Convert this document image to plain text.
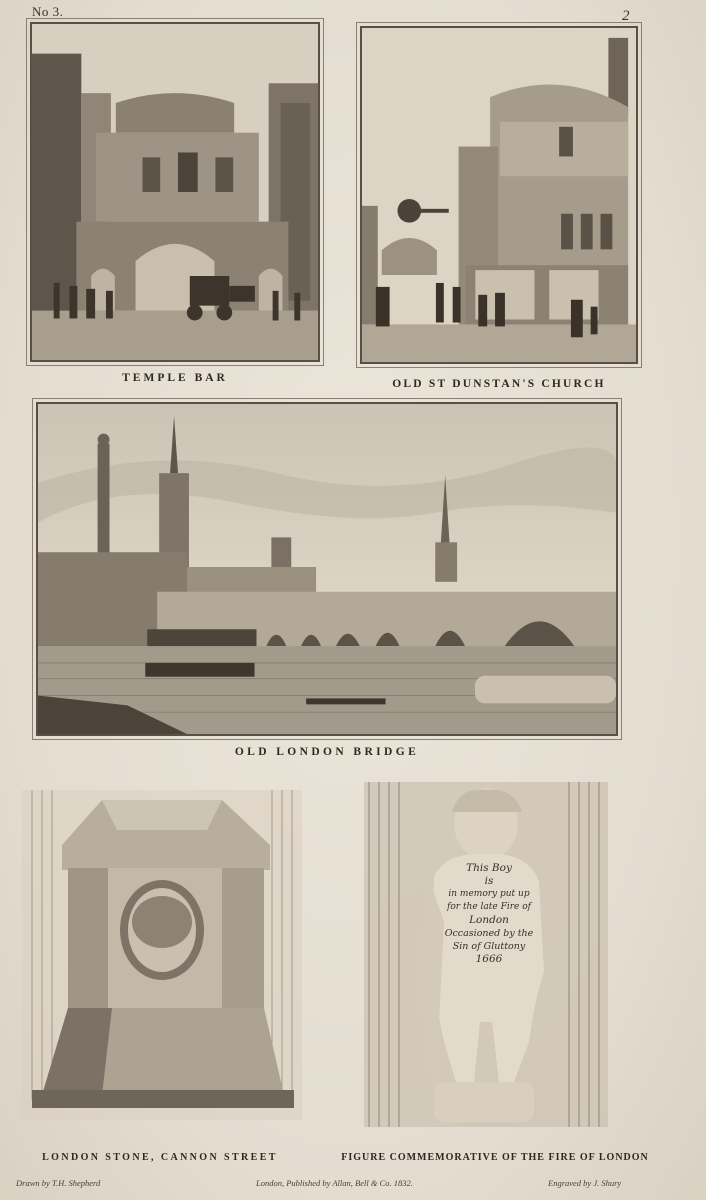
No 3.	2
TEMPLE BAR	OLD ST DUNSTAN'S CHURCH
OLD LONDON BRIDGE
LONDON STONE, CANNON STREET
This Boy
is
in memory put up
for the late Fire of
London
Occasioned by the
Sin of Gluttony
1666
FIGURE COMMEMORATIVE OF THE FIRE OF LONDON
Drawn by T.H. Shepherd	London, Published by Allan, Bell & Co. 1832.	Engraved by J. Shury
